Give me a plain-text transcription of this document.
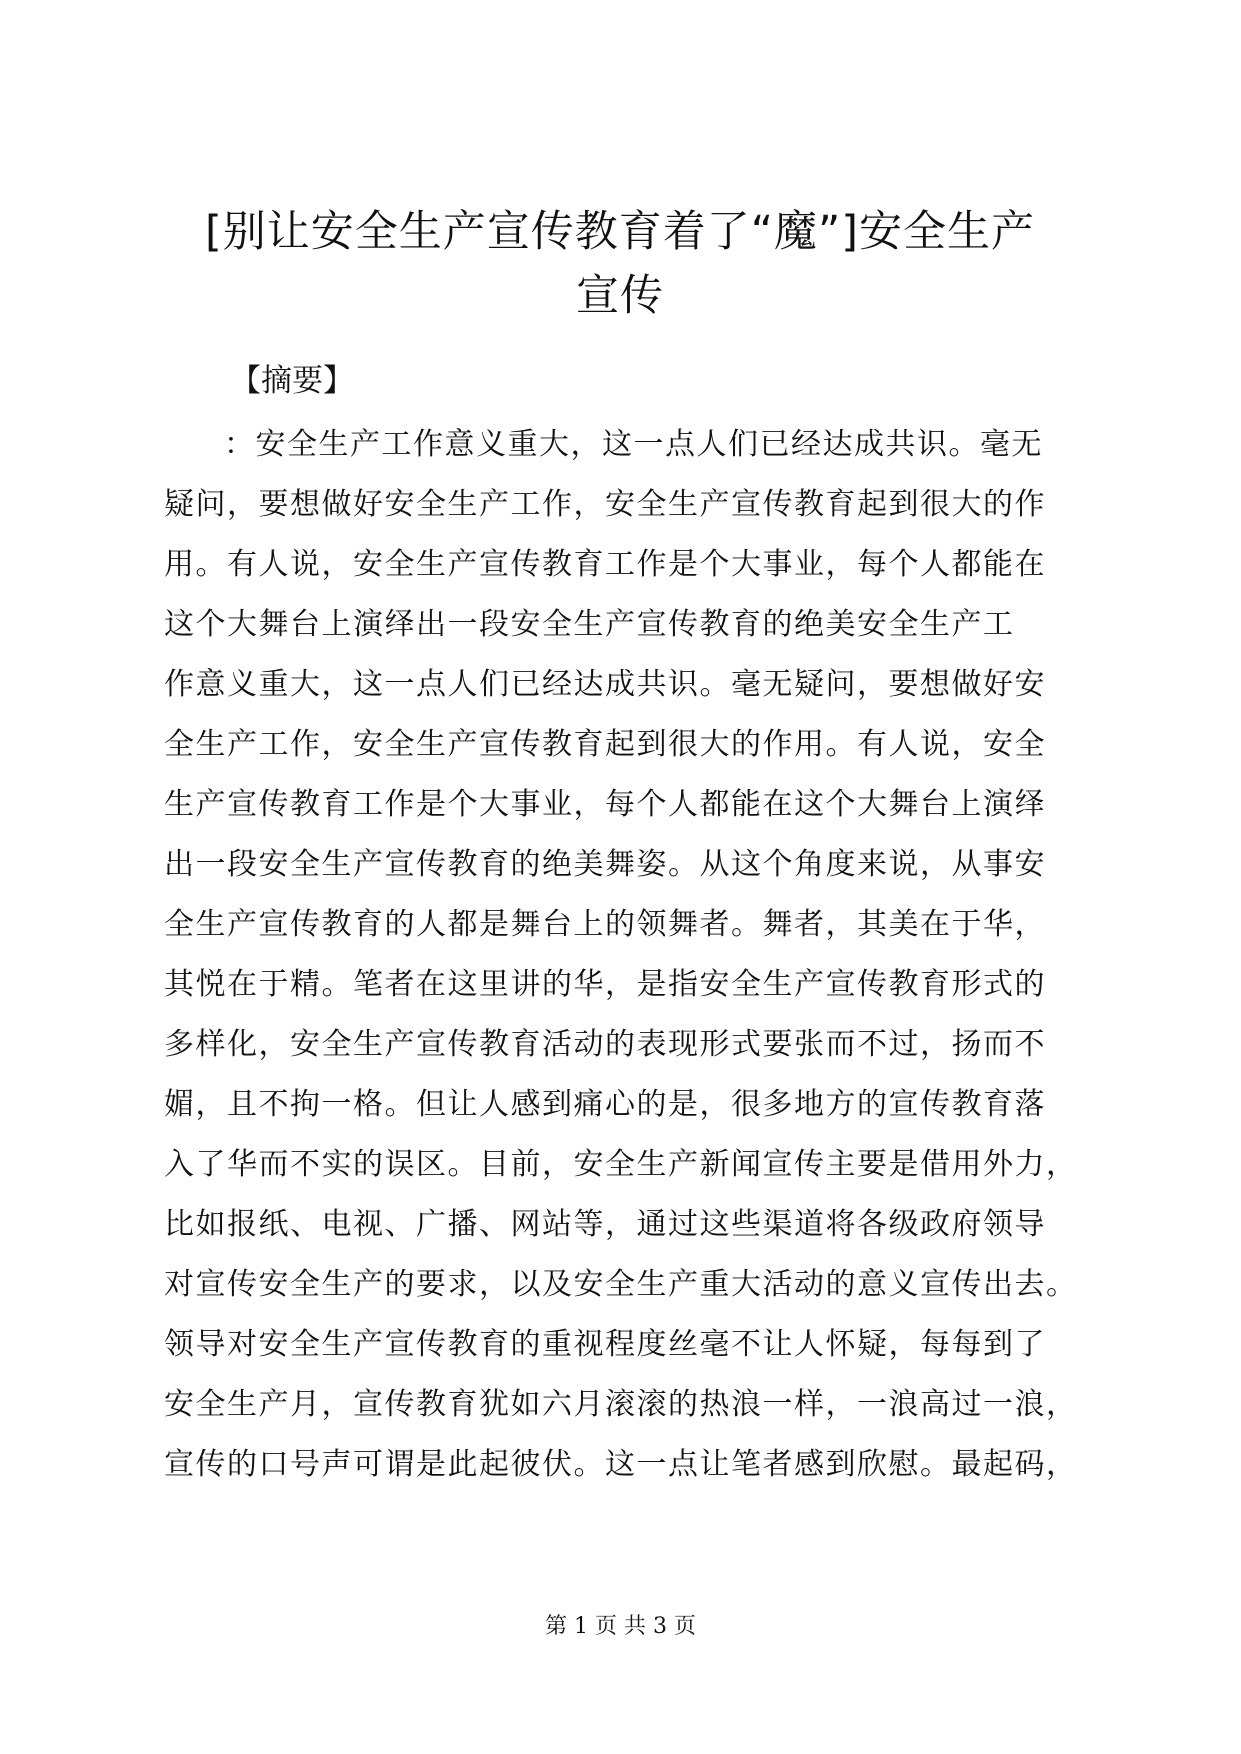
[别让安全生产宣传教育着了“魔”]安全生产
宣传

【摘要】

：安全生产工作意义重大，这一点人们已经达成共识。毫无
疑问，要想做好安全生产工作，安全生产宣传教育起到很大的作
用。有人说，安全生产宣传教育工作是个大事业，每个人都能在
这个大舞台上演绎出一段安全生产宣传教育的绝美安全生产工
作意义重大，这一点人们已经达成共识。毫无疑问，要想做好安
全生产工作，安全生产宣传教育起到很大的作用。有人说，安全
生产宣传教育工作是个大事业，每个人都能在这个大舞台上演绎
出一段安全生产宣传教育的绝美舞姿。从这个角度来说，从事安
全生产宣传教育的人都是舞台上的领舞者。舞者，其美在于华，
其悦在于精。笔者在这里讲的华，是指安全生产宣传教育形式的
多样化，安全生产宣传教育活动的表现形式要张而不过，扬而不
媚，且不拘一格。但让人感到痛心的是，很多地方的宣传教育落
入了华而不实的误区。目前，安全生产新闻宣传主要是借用外力，
比如报纸、电视、广播、网站等，通过这些渠道将各级政府领导
对宣传安全生产的要求，以及安全生产重大活动的意义宣传出去。
领导对安全生产宣传教育的重视程度丝毫不让人怀疑，每每到了
安全生产月，宣传教育犹如六月滚滚的热浪一样，一浪高过一浪，
宣传的口号声可谓是此起彼伏。这一点让笔者感到欣慰。最起码，
第 1 页 共 3 页
